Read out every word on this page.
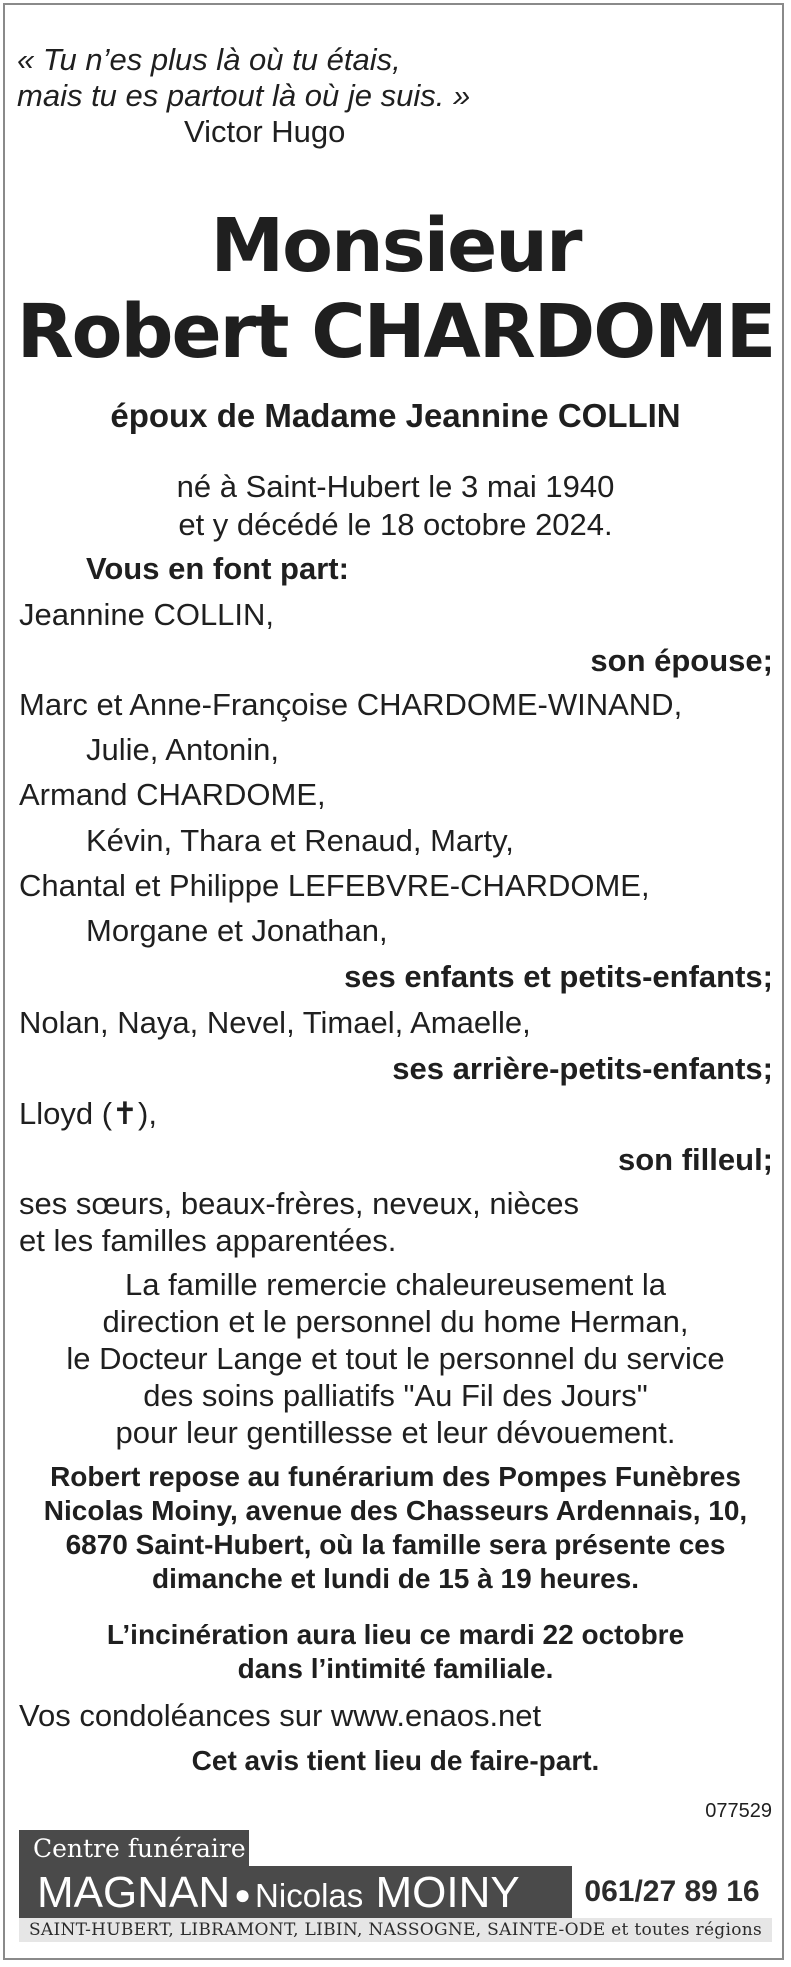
« Tu n’es plus là où tu étais,
mais tu es partout là où je suis. »
Victor Hugo
Monsieur
Robert CHARDOME
époux de Madame Jeannine COLLIN
né à Saint-Hubert le 3 mai 1940
et y décédé le 18 octobre 2024.
Vous en font part:
Jeannine COLLIN,
son épouse;
Marc et Anne-Françoise CHARDOME-WINAND,
Julie, Antonin,
Armand CHARDOME,
Kévin, Thara et Renaud, Marty,
Chantal et Philippe LEFEBVRE-CHARDOME,
Morgane et Jonathan,
ses enfants et petits-enfants;
Nolan, Naya, Nevel, Timael, Amaelle,
ses arrière-petits-enfants;
Lloyd (✝),
son filleul;
ses sœurs, beaux-frères, neveux, nièces
et les familles apparentées.
La famille remercie chaleureusement la
direction et le personnel du home Herman,
le Docteur Lange et tout le personnel du service
des soins palliatifs "Au Fil des Jours"
pour leur gentillesse et leur dévouement.
Robert repose au funérarium des Pompes Funèbres
Nicolas Moiny, avenue des Chasseurs Ardennais, 10,
6870 Saint-Hubert, où la famille sera présente ces
dimanche et lundi de 15 à 19 heures.
L’incinération aura lieu ce mardi 22 octobre
dans l’intimité familiale.
Vos condoléances sur www.enaos.net
Cet avis tient lieu de faire-part.
077529
Centre funéraire
MAGNAN ● Nicolas MOINY	061/27 89 16
SAINT-HUBERT, LIBRAMONT, LIBIN, NASSOGNE, SAINTE-ODE et toutes régions
